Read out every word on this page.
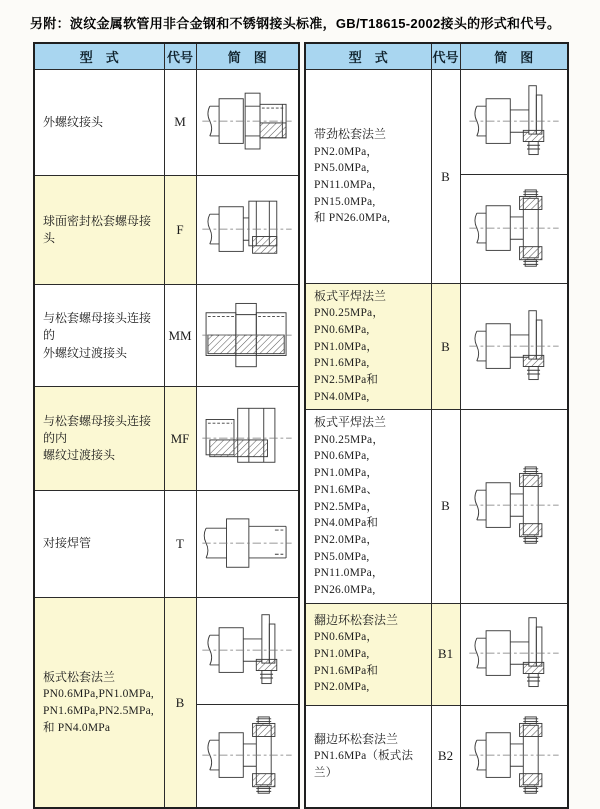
另附：波纹金属软管用非合金钢和不锈钢接头标准，GB/T18615-2002接头的形式和代号。
型　式	代号	简　图

外螺纹接头	M	

球面密封松套螺母接头	F	

与松套螺母接头连接的
外螺纹过渡接头	MM	

与松套螺母接头连接的内
螺纹过渡接头	MF	

对接焊管	T	

板式松套法兰
PN0.6MPa,PN1.0MPa,
PN1.6MPa,PN2.5MPa,
和 PN4.0MPa	B	

型　式	代号	简　图

带劲松套法兰
PN2.0MPa，PN5.0MPa,
PN11.0MPa，PN15.0MPa,
和 PN26.0MPa,	B	

板式平焊法兰
PN0.25MPa，PN0.6MPa,
PN1.0MPa，PN1.6MPa,
PN2.5MPa和PN4.0MPa,	B	

板式平焊法兰
PN0.25MPa，PN0.6MPa,
PN1.0MPa，PN1.6MPa、
PN2.5MPa，PN4.0MPa和
PN2.0MPa，PN5.0MPa,
PN11.0MPa，PN26.0MPa,
	B	

翻边环松套法兰
PN0.6MPa，PN1.0MPa,
PN1.6MPa和PN2.0MPa,	B1	

翻边环松套法兰
PN1.6MPa（板式法兰）	B2	
